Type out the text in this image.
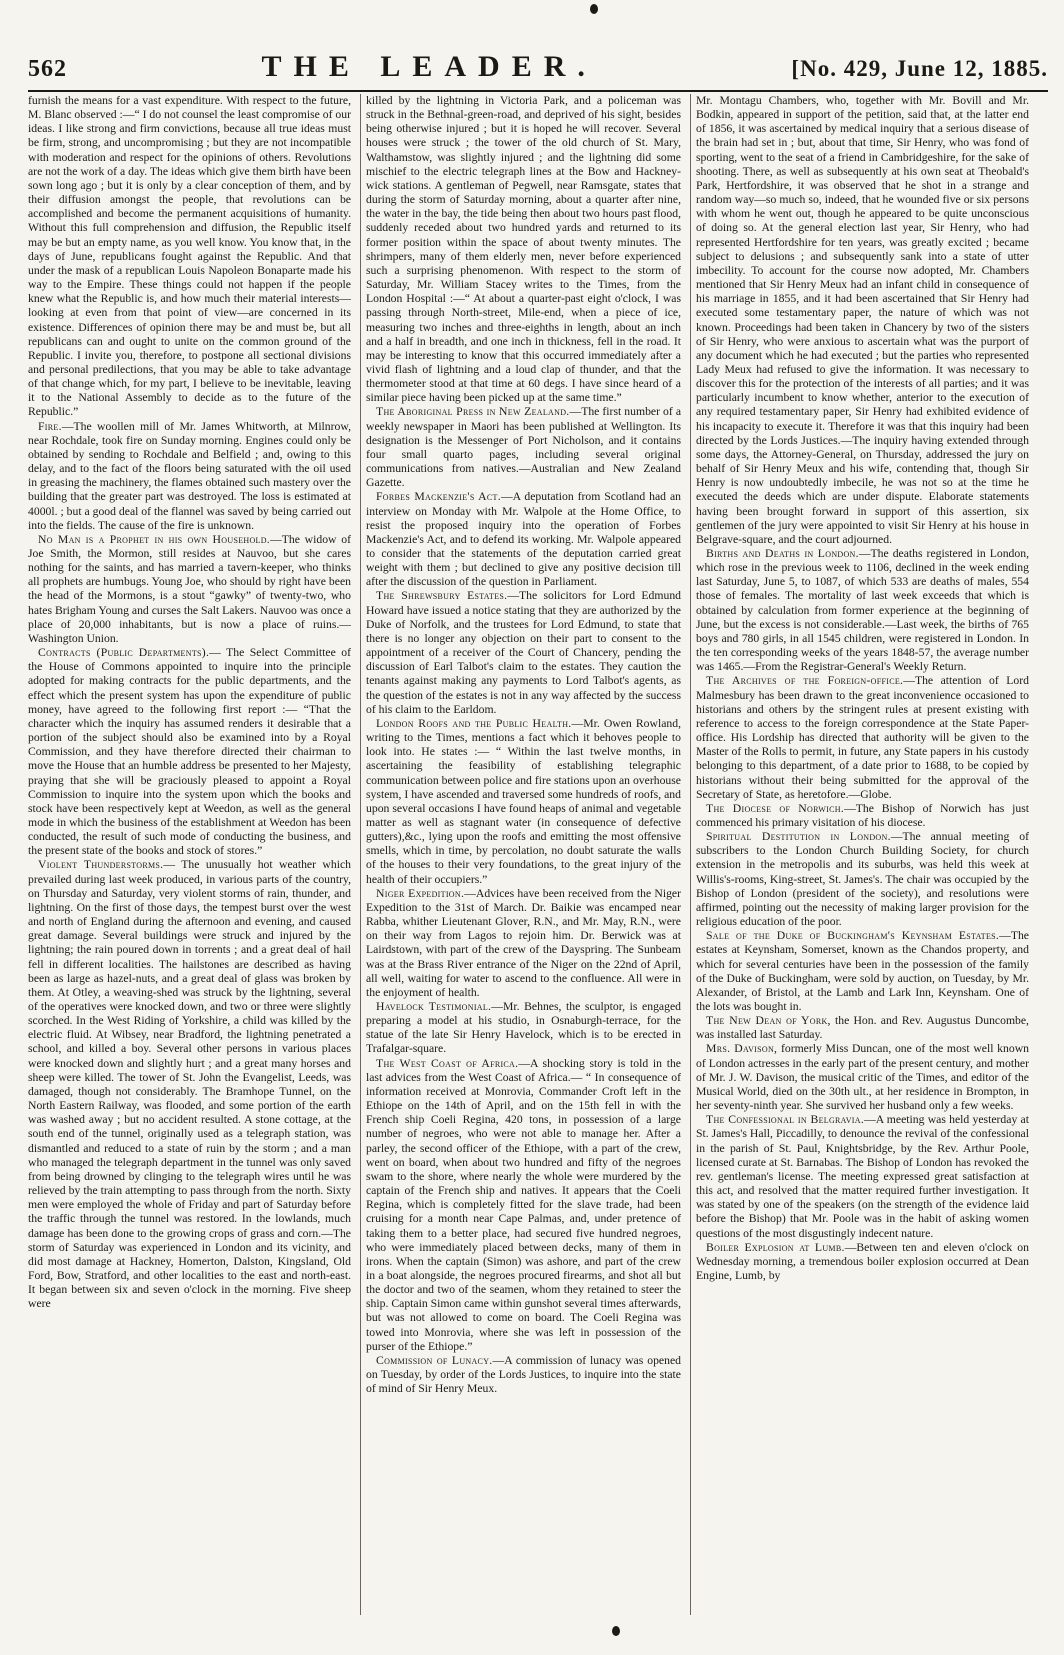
562	THE LEADER.	[No. 429, June 12, 1885.

furnish the means for a vast expenditure. With respect to the future, M. Blanc observed :—“ I do not counsel the least compromise of our ideas. I like strong and firm convictions, because all true ideas must be firm, strong, and uncompromising ; but they are not incompatible with moderation and respect for the opinions of others. Revolutions are not the work of a day. The ideas which give them birth have been sown long ago ; but it is only by a clear conception of them, and by their diffusion amongst the people, that revolutions can be accomplished and become the permanent acquisitions of humanity. Without this full comprehension and diffusion, the Republic itself may be but an empty name, as you well know. You know that, in the days of June, republicans fought against the Republic. And that under the mask of a republican Louis Napoleon Bonaparte made his way to the Empire. These things could not happen if the people knew what the Republic is, and how much their material interests—looking at even from that point of view—are concerned in its existence. Differences of opinion there may be and must be, but all republicans can and ought to unite on the common ground of the Republic. I invite you, therefore, to postpone all sectional divisions and personal predilections, that you may be able to take advantage of that change which, for my part, I believe to be inevitable, leaving it to the National Assembly to decide as to the future of the Republic.”

Fire.—The woollen mill of Mr. James Whitworth, at Milnrow, near Rochdale, took fire on Sunday morning. Engines could only be obtained by sending to Rochdale and Belfield ; and, owing to this delay, and to the fact of the floors being saturated with the oil used in greasing the machinery, the flames obtained such mastery over the building that the greater part was destroyed. The loss is estimated at 4000l. ; but a good deal of the flannel was saved by being carried out into the fields. The cause of the fire is unknown.

No Man is a Prophet in his own Household.—The widow of Joe Smith, the Mormon, still resides at Nauvoo, but she cares nothing for the saints, and has married a tavern-keeper, who thinks all prophets are humbugs. Young Joe, who should by right have been the head of the Mormons, is a stout “gawky” of twenty-two, who hates Brigham Young and curses the Salt Lakers. Nauvoo was once a place of 20,000 inhabitants, but is now a place of ruins.—Washington Union.

Contracts (Public Departments).— The Select Committee of the House of Commons appointed to inquire into the principle adopted for making contracts for the public departments, and the effect which the present system has upon the expenditure of public money, have agreed to the following first report :— “That the character which the inquiry has assumed renders it desirable that a portion of the subject should also be examined into by a Royal Commission, and they have therefore directed their chairman to move the House that an humble address be presented to her Majesty, praying that she will be graciously pleased to appoint a Royal Commission to inquire into the system upon which the books and stock have been respectively kept at Weedon, as well as the general mode in which the business of the establishment at Weedon has been conducted, the result of such mode of conducting the business, and the present state of the books and stock of stores.”

Violent Thunderstorms.— The unusually hot weather which prevailed during last week produced, in various parts of the country, on Thursday and Saturday, very violent storms of rain, thunder, and lightning. On the first of those days, the tempest burst over the west and north of England during the afternoon and evening, and caused great damage. Several buildings were struck and injured by the lightning; the rain poured down in torrents ; and a great deal of hail fell in different localities. The hailstones are described as having been as large as hazel-nuts, and a great deal of glass was broken by them. At Otley, a weaving-shed was struck by the lightning, several of the operatives were knocked down, and two or three were slightly scorched. In the West Riding of Yorkshire, a child was killed by the electric fluid. At Wibsey, near Bradford, the lightning penetrated a school, and killed a boy. Several other persons in various places were knocked down and slightly hurt ; and a great many horses and sheep were killed. The tower of St. John the Evangelist, Leeds, was damaged, though not considerably. The Bramhope Tunnel, on the North Eastern Railway, was flooded, and some portion of the earth was washed away ; but no accident resulted. A stone cottage, at the south end of the tunnel, originally used as a telegraph station, was dismantled and reduced to a state of ruin by the storm ; and a man who managed the telegraph department in the tunnel was only saved from being drowned by clinging to the telegraph wires until he was relieved by the train attempting to pass through from the north. Sixty men were employed the whole of Friday and part of Saturday before the traffic through the tunnel was restored. In the lowlands, much damage has been done to the growing crops of grass and corn.—The storm of Saturday was experienced in London and its vicinity, and did most damage at Hackney, Homerton, Dalston, Kingsland, Old Ford, Bow, Stratford, and other localities to the east and north-east. It began between six and seven o'clock in the morning. Five sheep were

killed by the lightning in Victoria Park, and a policeman was struck in the Bethnal-green-road, and deprived of his sight, besides being otherwise injured ; but it is hoped he will recover. Several houses were struck ; the tower of the old church of St. Mary, Walthamstow, was slightly injured ; and the lightning did some mischief to the electric telegraph lines at the Bow and Hackney-wick stations. A gentleman of Pegwell, near Ramsgate, states that during the storm of Saturday morning, about a quarter after nine, the water in the bay, the tide being then about two hours past flood, suddenly receded about two hundred yards and returned to its former position within the space of about twenty minutes. The shrimpers, many of them elderly men, never before experienced such a surprising phenomenon. With respect to the storm of Saturday, Mr. William Stacey writes to the Times, from the London Hospital :—“ At about a quarter-past eight o'clock, I was passing through North-street, Mile-end, when a piece of ice, measuring two inches and three-eighths in length, about an inch and a half in breadth, and one inch in thickness, fell in the road. It may be interesting to know that this occurred immediately after a vivid flash of lightning and a loud clap of thunder, and that the thermometer stood at that time at 60 degs. I have since heard of a similar piece having been picked up at the same time.”

The Aboriginal Press in New Zealand.—The first number of a weekly newspaper in Maori has been published at Wellington. Its designation is the Messenger of Port Nicholson, and it contains four small quarto pages, including several original communications from natives.—Australian and New Zealand Gazette.

Forbes Mackenzie's Act.—A deputation from Scotland had an interview on Monday with Mr. Walpole at the Home Office, to resist the proposed inquiry into the operation of Forbes Mackenzie's Act, and to defend its working. Mr. Walpole appeared to consider that the statements of the deputation carried great weight with them ; but declined to give any positive decision till after the discussion of the question in Parliament.

The Shrewsbury Estates.—The solicitors for Lord Edmund Howard have issued a notice stating that they are authorized by the Duke of Norfolk, and the trustees for Lord Edmund, to state that there is no longer any objection on their part to consent to the appointment of a receiver of the Court of Chancery, pending the discussion of Earl Talbot's claim to the estates. They caution the tenants against making any payments to Lord Talbot's agents, as the question of the estates is not in any way affected by the success of his claim to the Earldom.

London Roofs and the Public Health.—Mr. Owen Rowland, writing to the Times, mentions a fact which it behoves people to look into. He states :— “ Within the last twelve months, in ascertaining the feasibility of establishing telegraphic communication between police and fire stations upon an overhouse system, I have ascended and traversed some hundreds of roofs, and upon several occasions I have found heaps of animal and vegetable matter as well as stagnant water (in consequence of defective gutters),&c., lying upon the roofs and emitting the most offensive smells, which in time, by percolation, no doubt saturate the walls of the houses to their very foundations, to the great injury of the health of their occupiers.”

Niger Expedition.—Advices have been received from the Niger Expedition to the 31st of March. Dr. Baikie was encamped near Rabba, whither Lieutenant Glover, R.N., and Mr. May, R.N., were on their way from Lagos to rejoin him. Dr. Berwick was at Lairdstown, with part of the crew of the Dayspring. The Sunbeam was at the Brass River entrance of the Niger on the 22nd of April, all well, waiting for water to ascend to the confluence. All were in the enjoyment of health.

Havelock Testimonial.—Mr. Behnes, the sculptor, is engaged preparing a model at his studio, in Osnaburgh-terrace, for the statue of the late Sir Henry Havelock, which is to be erected in Trafalgar-square.

The West Coast of Africa.—A shocking story is told in the last advices from the West Coast of Africa.— “ In consequence of information received at Monrovia, Commander Croft left in the Ethiope on the 14th of April, and on the 15th fell in with the French ship Coeli Regina, 420 tons, in possession of a large number of negroes, who were not able to manage her. After a parley, the second officer of the Ethiope, with a part of the crew, went on board, when about two hundred and fifty of the negroes swam to the shore, where nearly the whole were murdered by the captain of the French ship and natives. It appears that the Coeli Regina, which is completely fitted for the slave trade, had been cruising for a month near Cape Palmas, and, under pretence of taking them to a better place, had secured five hundred negroes, who were immediately placed between decks, many of them in irons. When the captain (Simon) was ashore, and part of the crew in a boat alongside, the negroes procured firearms, and shot all but the doctor and two of the seamen, whom they retained to steer the ship. Captain Simon came within gunshot several times afterwards, but was not allowed to come on board. The Coeli Regina was towed into Monrovia, where she was left in possession of the purser of the Ethiope.”

Commission of Lunacy.—A commission of lunacy was opened on Tuesday, by order of the Lords Justices, to inquire into the state of mind of Sir Henry Meux.

Mr. Montagu Chambers, who, together with Mr. Bovill and Mr. Bodkin, appeared in support of the petition, said that, at the latter end of 1856, it was ascertained by medical inquiry that a serious disease of the brain had set in ; but, about that time, Sir Henry, who was fond of sporting, went to the seat of a friend in Cambridgeshire, for the sake of shooting. There, as well as subsequently at his own seat at Theobald's Park, Hertfordshire, it was observed that he shot in a strange and random way—so much so, indeed, that he wounded five or six persons with whom he went out, though he appeared to be quite unconscious of doing so. At the general election last year, Sir Henry, who had represented Hertfordshire for ten years, was greatly excited ; became subject to delusions ; and subsequently sank into a state of utter imbecility. To account for the course now adopted, Mr. Chambers mentioned that Sir Henry Meux had an infant child in consequence of his marriage in 1855, and it had been ascertained that Sir Henry had executed some testamentary paper, the nature of which was not known. Proceedings had been taken in Chancery by two of the sisters of Sir Henry, who were anxious to ascertain what was the purport of any document which he had executed ; but the parties who represented Lady Meux had refused to give the information. It was necessary to discover this for the protection of the interests of all parties; and it was particularly incumbent to know whether, anterior to the execution of any required testamentary paper, Sir Henry had exhibited evidence of his incapacity to execute it. Therefore it was that this inquiry had been directed by the Lords Justices.—The inquiry having extended through some days, the Attorney-General, on Thursday, addressed the jury on behalf of Sir Henry Meux and his wife, contending that, though Sir Henry is now undoubtedly imbecile, he was not so at the time he executed the deeds which are under dispute. Elaborate statements having been brought forward in support of this assertion, six gentlemen of the jury were appointed to visit Sir Henry at his house in Belgrave-square, and the court adjourned.

Births and Deaths in London.—The deaths registered in London, which rose in the previous week to 1106, declined in the week ending last Saturday, June 5, to 1087, of which 533 are deaths of males, 554 those of females. The mortality of last week exceeds that which is obtained by calculation from former experience at the beginning of June, but the excess is not considerable.—Last week, the births of 765 boys and 780 girls, in all 1545 children, were registered in London. In the ten corresponding weeks of the years 1848-57, the average number was 1465.—From the Registrar-General's Weekly Return.

The Archives of the Foreign-office.—The attention of Lord Malmesbury has been drawn to the great inconvenience occasioned to historians and others by the stringent rules at present existing with reference to access to the foreign correspondence at the State Paper-office. His Lordship has directed that authority will be given to the Master of the Rolls to permit, in future, any State papers in his custody belonging to this department, of a date prior to 1688, to be copied by historians without their being submitted for the approval of the Secretary of State, as heretofore.—Globe.

The Diocese of Norwich.—The Bishop of Norwich has just commenced his primary visitation of his diocese.

Spiritual Destitution in London.—The annual meeting of subscribers to the London Church Building Society, for church extension in the metropolis and its suburbs, was held this week at Willis's-rooms, King-street, St. James's. The chair was occupied by the Bishop of London (president of the society), and resolutions were affirmed, pointing out the necessity of making larger provision for the religious education of the poor.

Sale of the Duke of Buckingham's Keynsham Estates.—The estates at Keynsham, Somerset, known as the Chandos property, and which for several centuries have been in the possession of the family of the Duke of Buckingham, were sold by auction, on Tuesday, by Mr. Alexander, of Bristol, at the Lamb and Lark Inn, Keynsham. One of the lots was bought in.

The New Dean of York, the Hon. and Rev. Augustus Duncombe, was installed last Saturday.

Mrs. Davison, formerly Miss Duncan, one of the most well known of London actresses in the early part of the present century, and mother of Mr. J. W. Davison, the musical critic of the Times, and editor of the Musical World, died on the 30th ult., at her residence in Brompton, in her seventy-ninth year. She survived her husband only a few weeks.

The Confessional in Belgravia.—A meeting was held yesterday at St. James's Hall, Piccadilly, to denounce the revival of the confessional in the parish of St. Paul, Knightsbridge, by the Rev. Arthur Poole, licensed curate at St. Barnabas. The Bishop of London has revoked the rev. gentleman's license. The meeting expressed great satisfaction at this act, and resolved that the matter required further investigation. It was stated by one of the speakers (on the strength of the evidence laid before the Bishop) that Mr. Poole was in the habit of asking women questions of the most disgustingly indecent nature.

Boiler Explosion at Lumb.—Between ten and eleven o'clock on Wednesday morning, a tremendous boiler explosion occurred at Dean Engine, Lumb, by
